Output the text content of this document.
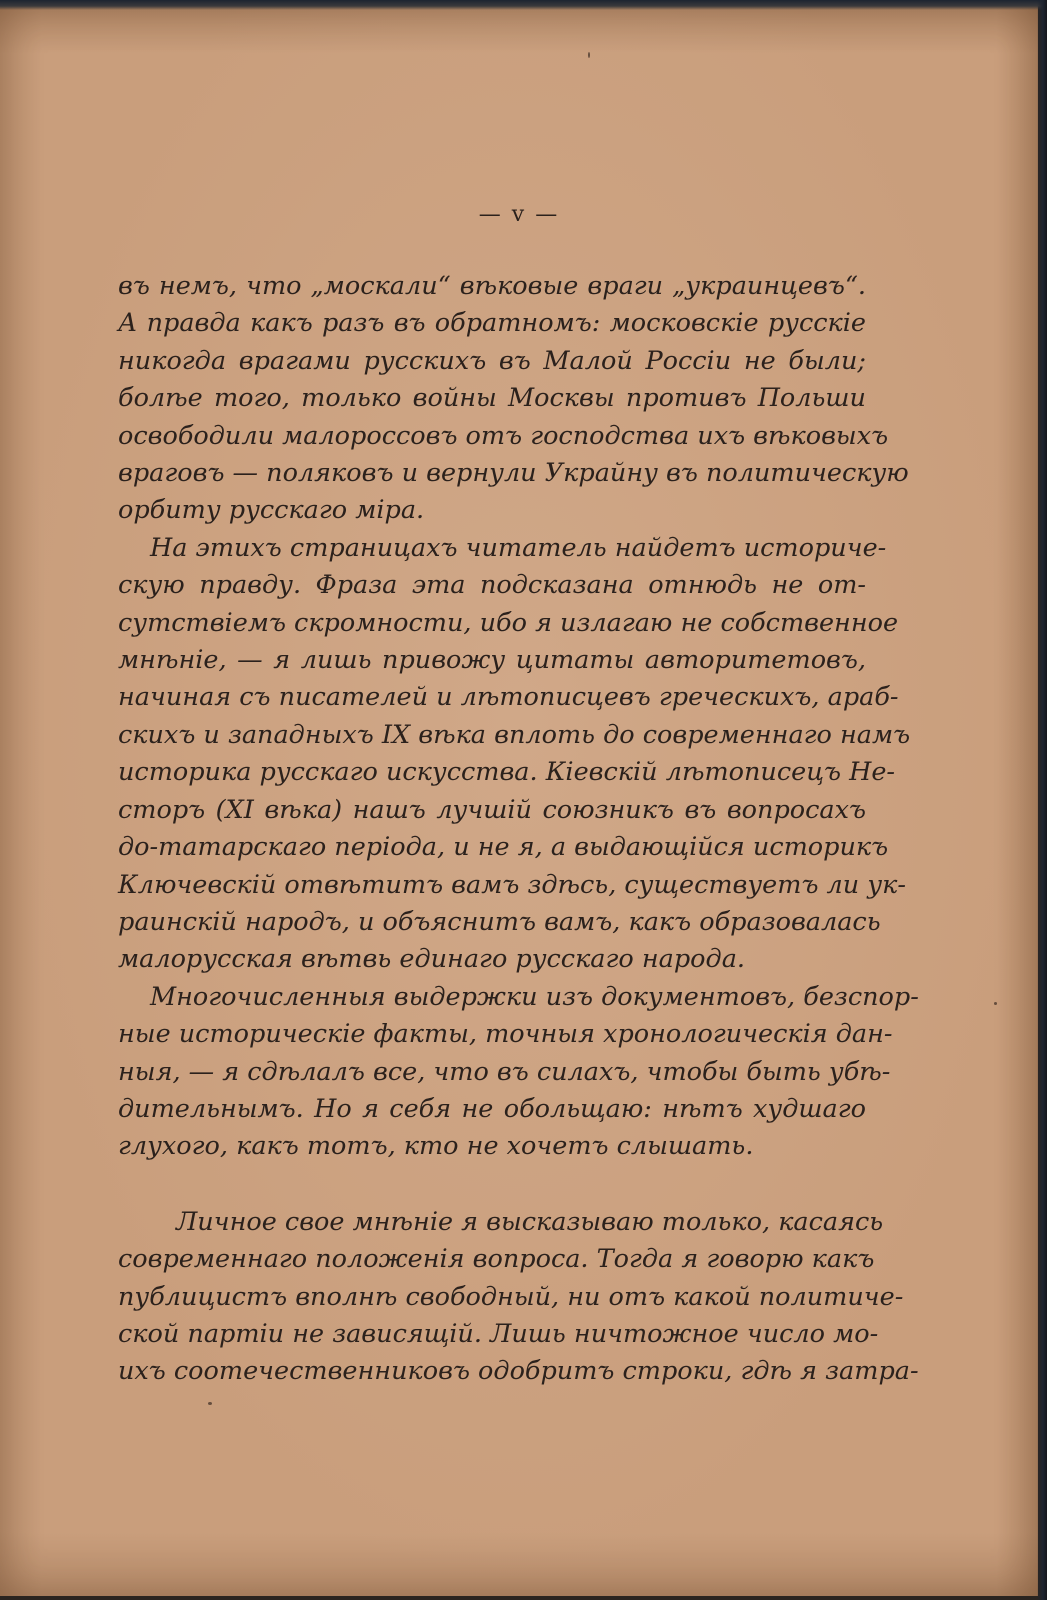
— v —

въ немъ, что „москали“ вѣковые враги „украинцевъ“.
А правда какъ разъ въ обратномъ: московскіе русскіе
никогда врагами русскихъ въ Малой Россіи не были;
болѣе того, только войны Москвы противъ Польши
освободили малороссовъ отъ господства ихъ вѣковыхъ
враговъ — поляковъ и вернули Украйну въ политическую
орбиту русскаго міра.

На этихъ страницахъ читатель найдетъ историче-
скую правду. Фраза эта подсказана отнюдь не от-
сутствіемъ скромности, ибо я излагаю не собственное
мнѣніе, — я лишь привожу цитаты авторитетовъ,
начиная съ писателей и лѣтописцевъ греческихъ, араб-
скихъ и западныхъ IX вѣка вплоть до современнаго намъ
историка русскаго искусства. Кіевскій лѣтописецъ Не-
сторъ (XI вѣка) нашъ лучшій союзникъ въ вопросахъ
до-татарскаго періода, и не я, а выдающійся историкъ
Ключевскій отвѣтитъ вамъ здѣсь, существуетъ ли ук-
раинскій народъ, и объяснитъ вамъ, какъ образовалась
малорусская вѣтвь единаго русскаго народа.

Многочисленныя выдержки изъ документовъ, безспор-
ные историческіе факты, точныя хронологическія дан-
ныя, — я сдѣлалъ все, что въ силахъ, чтобы быть убѣ-
дительнымъ. Но я себя не обольщаю: нѣтъ худшаго
глухого, какъ тотъ, кто не хочетъ слышать.

Личное свое мнѣніе я высказываю только, касаясь
современнаго положенія вопроса. Тогда я говорю какъ
публицистъ вполнѣ свободный, ни отъ какой политиче-
ской партіи не зависящій. Лишь ничтожное число мо-
ихъ соотечественниковъ одобритъ строки, гдѣ я затра-
